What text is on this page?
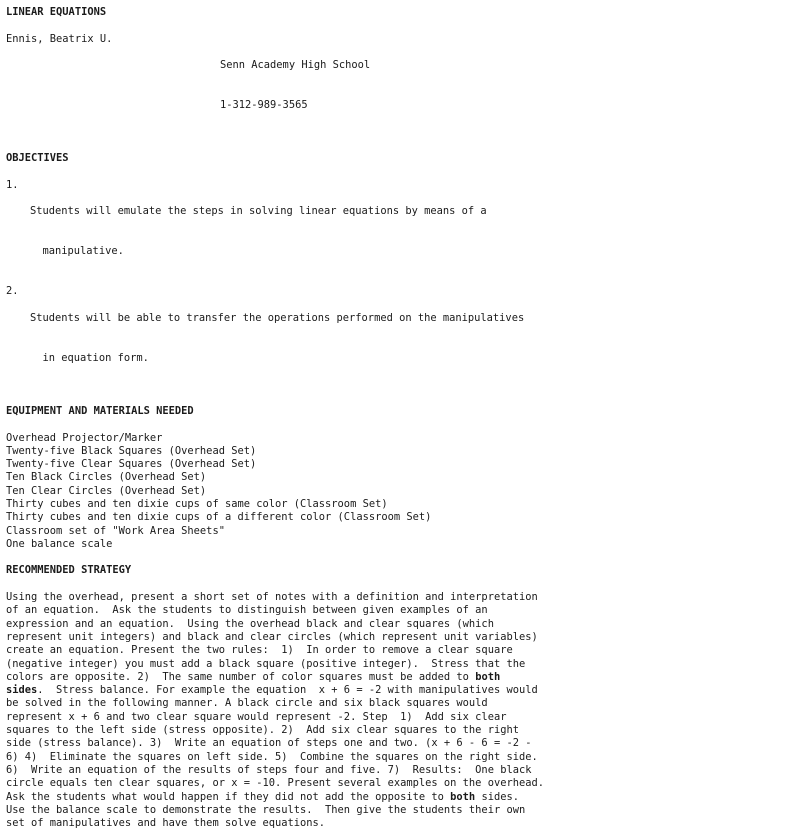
LINEAR EQUATIONS
Ennis, Beatrix U.

Senn Academy High School

1-312-989-3565

OBJECTIVES
1.

Students will emulate the steps in solving linear equations by means of a

manipulative.

2.

Students will be able to transfer the operations performed on the manipulatives

in equation form.

EQUIPMENT AND MATERIALS NEEDED
Overhead Projector/Marker
Twenty-five Black Squares (Overhead Set)
Twenty-five Clear Squares (Overhead Set)
Ten Black Circles (Overhead Set)
Ten Clear Circles (Overhead Set)
Thirty cubes and ten dixie cups of same color (Classroom Set)
Thirty cubes and ten dixie cups of a different color (Classroom Set)
Classroom set of "Work Area Sheets"
One balance scale
RECOMMENDED STRATEGY
Using the overhead, present a short set of notes with a definition and interpretation
of an equation.  Ask the students to distinguish between given examples of an
expression and an equation.  Using the overhead black and clear squares (which
represent unit integers) and black and clear circles (which represent unit variables)
create an equation. Present the two rules:  1)  In order to remove a clear square
(negative integer) you must add a black square (positive integer).  Stress that the
colors are opposite. 2)  The same number of color squares must be added to both
sides.  Stress balance. For example the equation  x + 6 = -2 with manipulatives would
be solved in the following manner. A black circle and six black squares would
represent x + 6 and two clear square would represent -2. Step  1)  Add six clear
squares to the left side (stress opposite). 2)  Add six clear squares to the right
side (stress balance). 3)  Write an equation of steps one and two. (x + 6 - 6 = -2 -
6) 4)  Eliminate the squares on left side. 5)  Combine the squares on the right side.
6)  Write an equation of the results of steps four and five. 7)  Results:  One black
circle equals ten clear squares, or x = -10. Present several examples on the overhead.
Ask the students what would happen if they did not add the opposite to both sides.
Use the balance scale to demonstrate the results.  Then give the students their own
set of manipulatives and have them solve equations.
